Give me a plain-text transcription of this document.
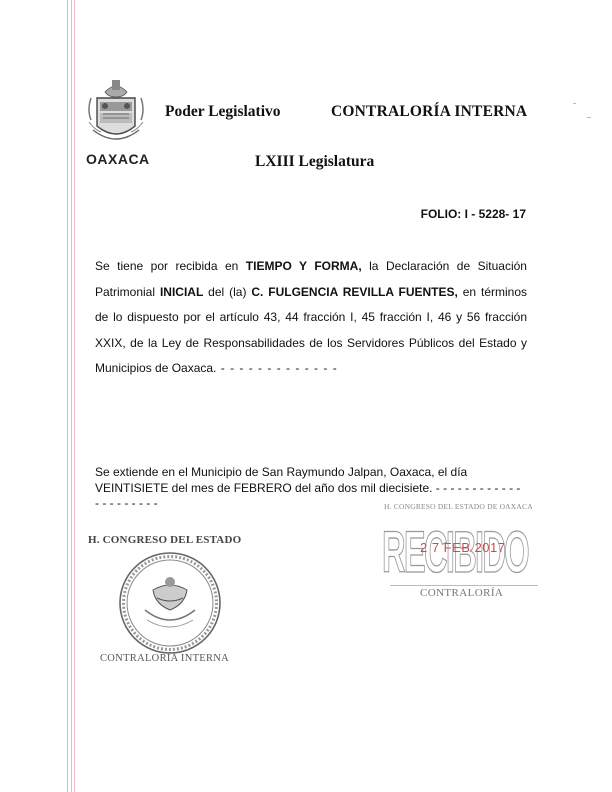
OAXACA
Poder Legislativo	CONTRALORÍA INTERNA
LXIII Legislatura
FOLIO: I - 5228- 17
Se tiene por recibida en TIEMPO Y FORMA, la Declaración de Situación Patrimonial INICIAL del (la) C. FULGENCIA REVILLA FUENTES, en términos de lo dispuesto por el artículo 43, 44 fracción I, 45 fracción I, 46 y 56 fracción XXIX, de la Ley de Responsabilidades de los Servidores Públicos del Estado y Municipios de Oaxaca. - - - - - - - - - - - - -
Se extiende en el Municipio de San Raymundo Jalpan, Oaxaca, el día
VEINTISIETE del mes de FEBRERO del año dos mil diecisiete. - - - - - - - - - - - - - - - - - - - - -
H. CONGRESO DEL ESTADO
CONTRALORÍA INTERNA
H. CONGRESO DEL ESTADO DE OAXACA
RECIBIDO
2 7 FEB 2017
CONTRALORÍA
